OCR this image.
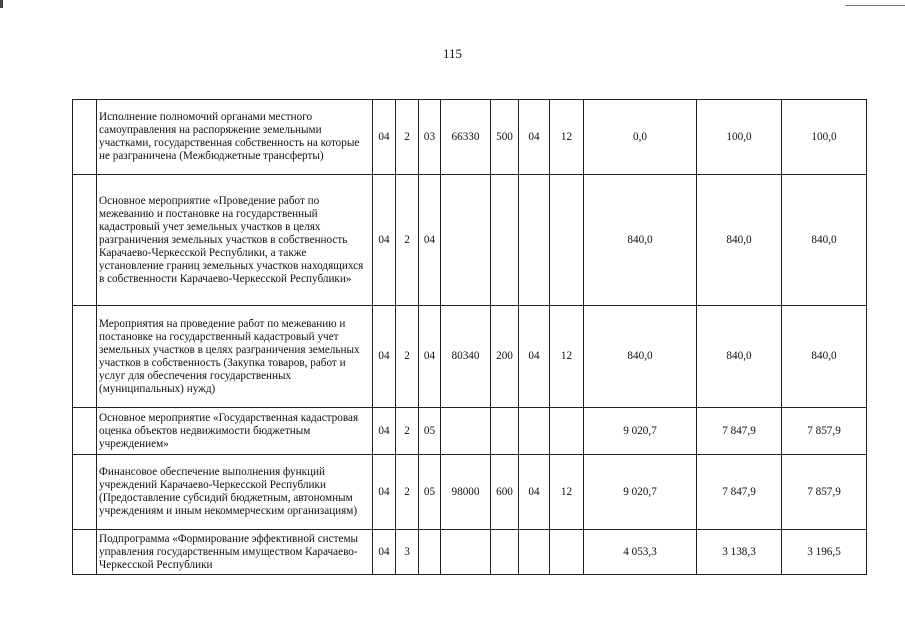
115
	Исполнение полномочий органами местного самоуправления на распоряжение земельными участками, государственная собственность на которые не разграничена (Межбюджетные трансферты)	04	2	03	66330	500	04	12	0,0	100,0	100,0
	Основное мероприятие «Проведение работ по межеванию и постановке на государственный кадастровый учет земельных участков в целях разграничения земельных участков в собственность Карачаево-Черкесской Республики, а также установление границ земельных участков находящихся в собственности Карачаево-Черкесской Республики»	04	2	04					840,0	840,0	840,0
	Мероприятия на проведение работ по межеванию и постановке на государственный кадастровый учет земельных участков в целях разграничения земельных участков в собственность (Закупка товаров, работ и услуг для обеспечения государственных (муниципальных) нужд)	04	2	04	80340	200	04	12	840,0	840,0	840,0
	Основное мероприятие «Государственная кадастровая оценка объектов недвижимости бюджетным учреждением»	04	2	05					9 020,7	7 847,9	7 857,9
	Финансовое обеспечение выполнения функций учреждений Карачаево-Черкесской Республики (Предоставление субсидий бюджетным, автономным учреждениям и иным некоммерческим организациям)	04	2	05	98000	600	04	12	9 020,7	7 847,9	7 857,9
	Подпрограмма «Формирование эффективной системы управления государственным имуществом Карачаево-Черкесской Республики	04	3						4 053,3	3 138,3	3 196,5
